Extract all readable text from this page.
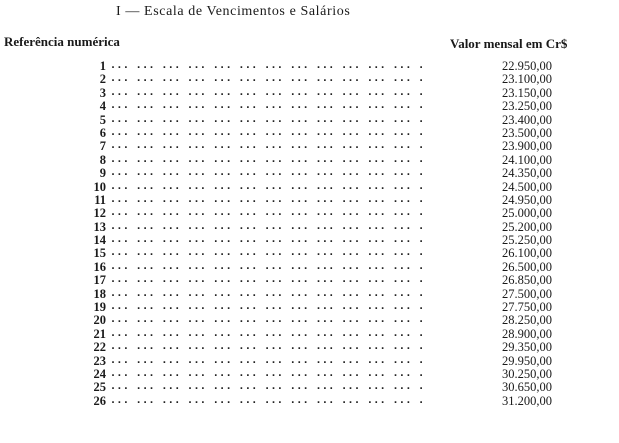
I — Escala de Vencimentos e Salários
Referência numérica	Valor mensal em Cr$
1 ... ... ... ... ... ... ... ... ... ... ... ... .	22.950,00
2 ... ... ... ... ... ... ... ... ... ... ... ... .	23.100,00
3 ... ... ... ... ... ... ... ... ... ... ... ... .	23.150,00
4 ... ... ... ... ... ... ... ... ... ... ... ... .	23.250,00
5 ... ... ... ... ... ... ... ... ... ... ... ... .	23.400,00
6 ... ... ... ... ... ... ... ... ... ... ... ... .	23.500,00
7 ... ... ... ... ... ... ... ... ... ... ... ... .	23.900,00
8 ... ... ... ... ... ... ... ... ... ... ... ... .	24.100,00
9 ... ... ... ... ... ... ... ... ... ... ... ... .	24.350,00
10 ... ... ... ... ... ... ... ... ... ... ... ... .	24.500,00
11 ... ... ... ... ... ... ... ... ... ... ... ... .	24.950,00
12 ... ... ... ... ... ... ... ... ... ... ... ... .	25.000,00
13 ... ... ... ... ... ... ... ... ... ... ... ... .	25.200,00
14 ... ... ... ... ... ... ... ... ... ... ... ... .	25.250,00
15 ... ... ... ... ... ... ... ... ... ... ... ... .	26.100,00
16 ... ... ... ... ... ... ... ... ... ... ... ... .	26.500,00
17 ... ... ... ... ... ... ... ... ... ... ... ... .	26.850,00
18 ... ... ... ... ... ... ... ... ... ... ... ... .	27.500,00
19 ... ... ... ... ... ... ... ... ... ... ... ... .	27.750,00
20 ... ... ... ... ... ... ... ... ... ... ... ... .	28.250,00
21 ... ... ... ... ... ... ... ... ... ... ... ... .	28.900,00
22 ... ... ... ... ... ... ... ... ... ... ... ... .	29.350,00
23 ... ... ... ... ... ... ... ... ... ... ... ... .	29.950,00
24 ... ... ... ... ... ... ... ... ... ... ... ... .	30.250,00
25 ... ... ... ... ... ... ... ... ... ... ... ... .	30.650,00
26 ... ... ... ... ... ... ... ... ... ... ... ... .	31.200,00
